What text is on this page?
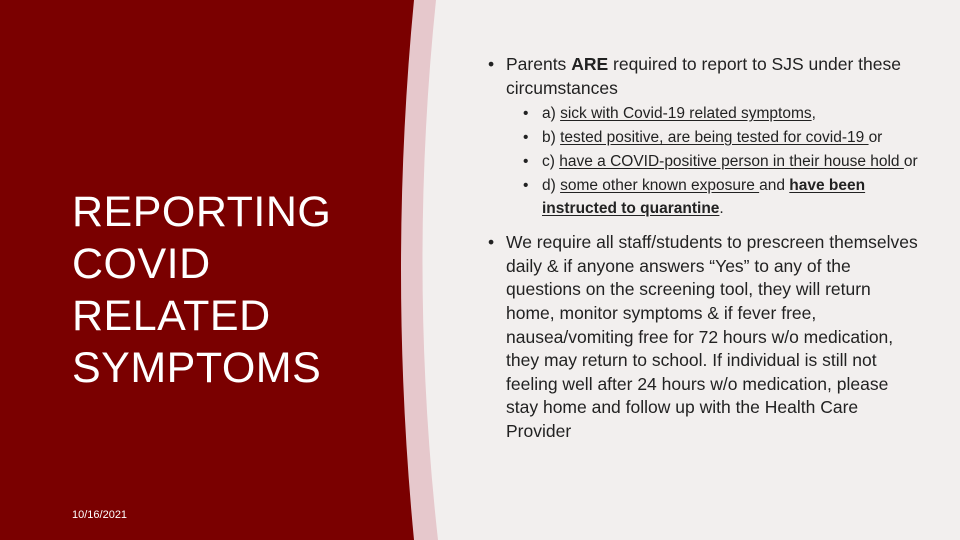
REPORTING
COVID
RELATED
SYMPTOMS
10/16/2021
• Parents ARE required to report to SJS under these circumstances
• a) sick with Covid-19 related symptoms,
• b) tested positive, are being tested for covid-19 or
• c) have a COVID-positive person in their house hold or
• d) some other known exposure and have been instructed to quarantine.
• We require all staff/students to prescreen themselves daily & if anyone answers “Yes” to any of the questions on the screening tool, they will return home, monitor symptoms & if fever free, nausea/vomiting free for 72 hours w/o medication, they may return to school. If individual is still not feeling well after 24 hours w/o medication, please stay home and follow up with the Health Care Provider
